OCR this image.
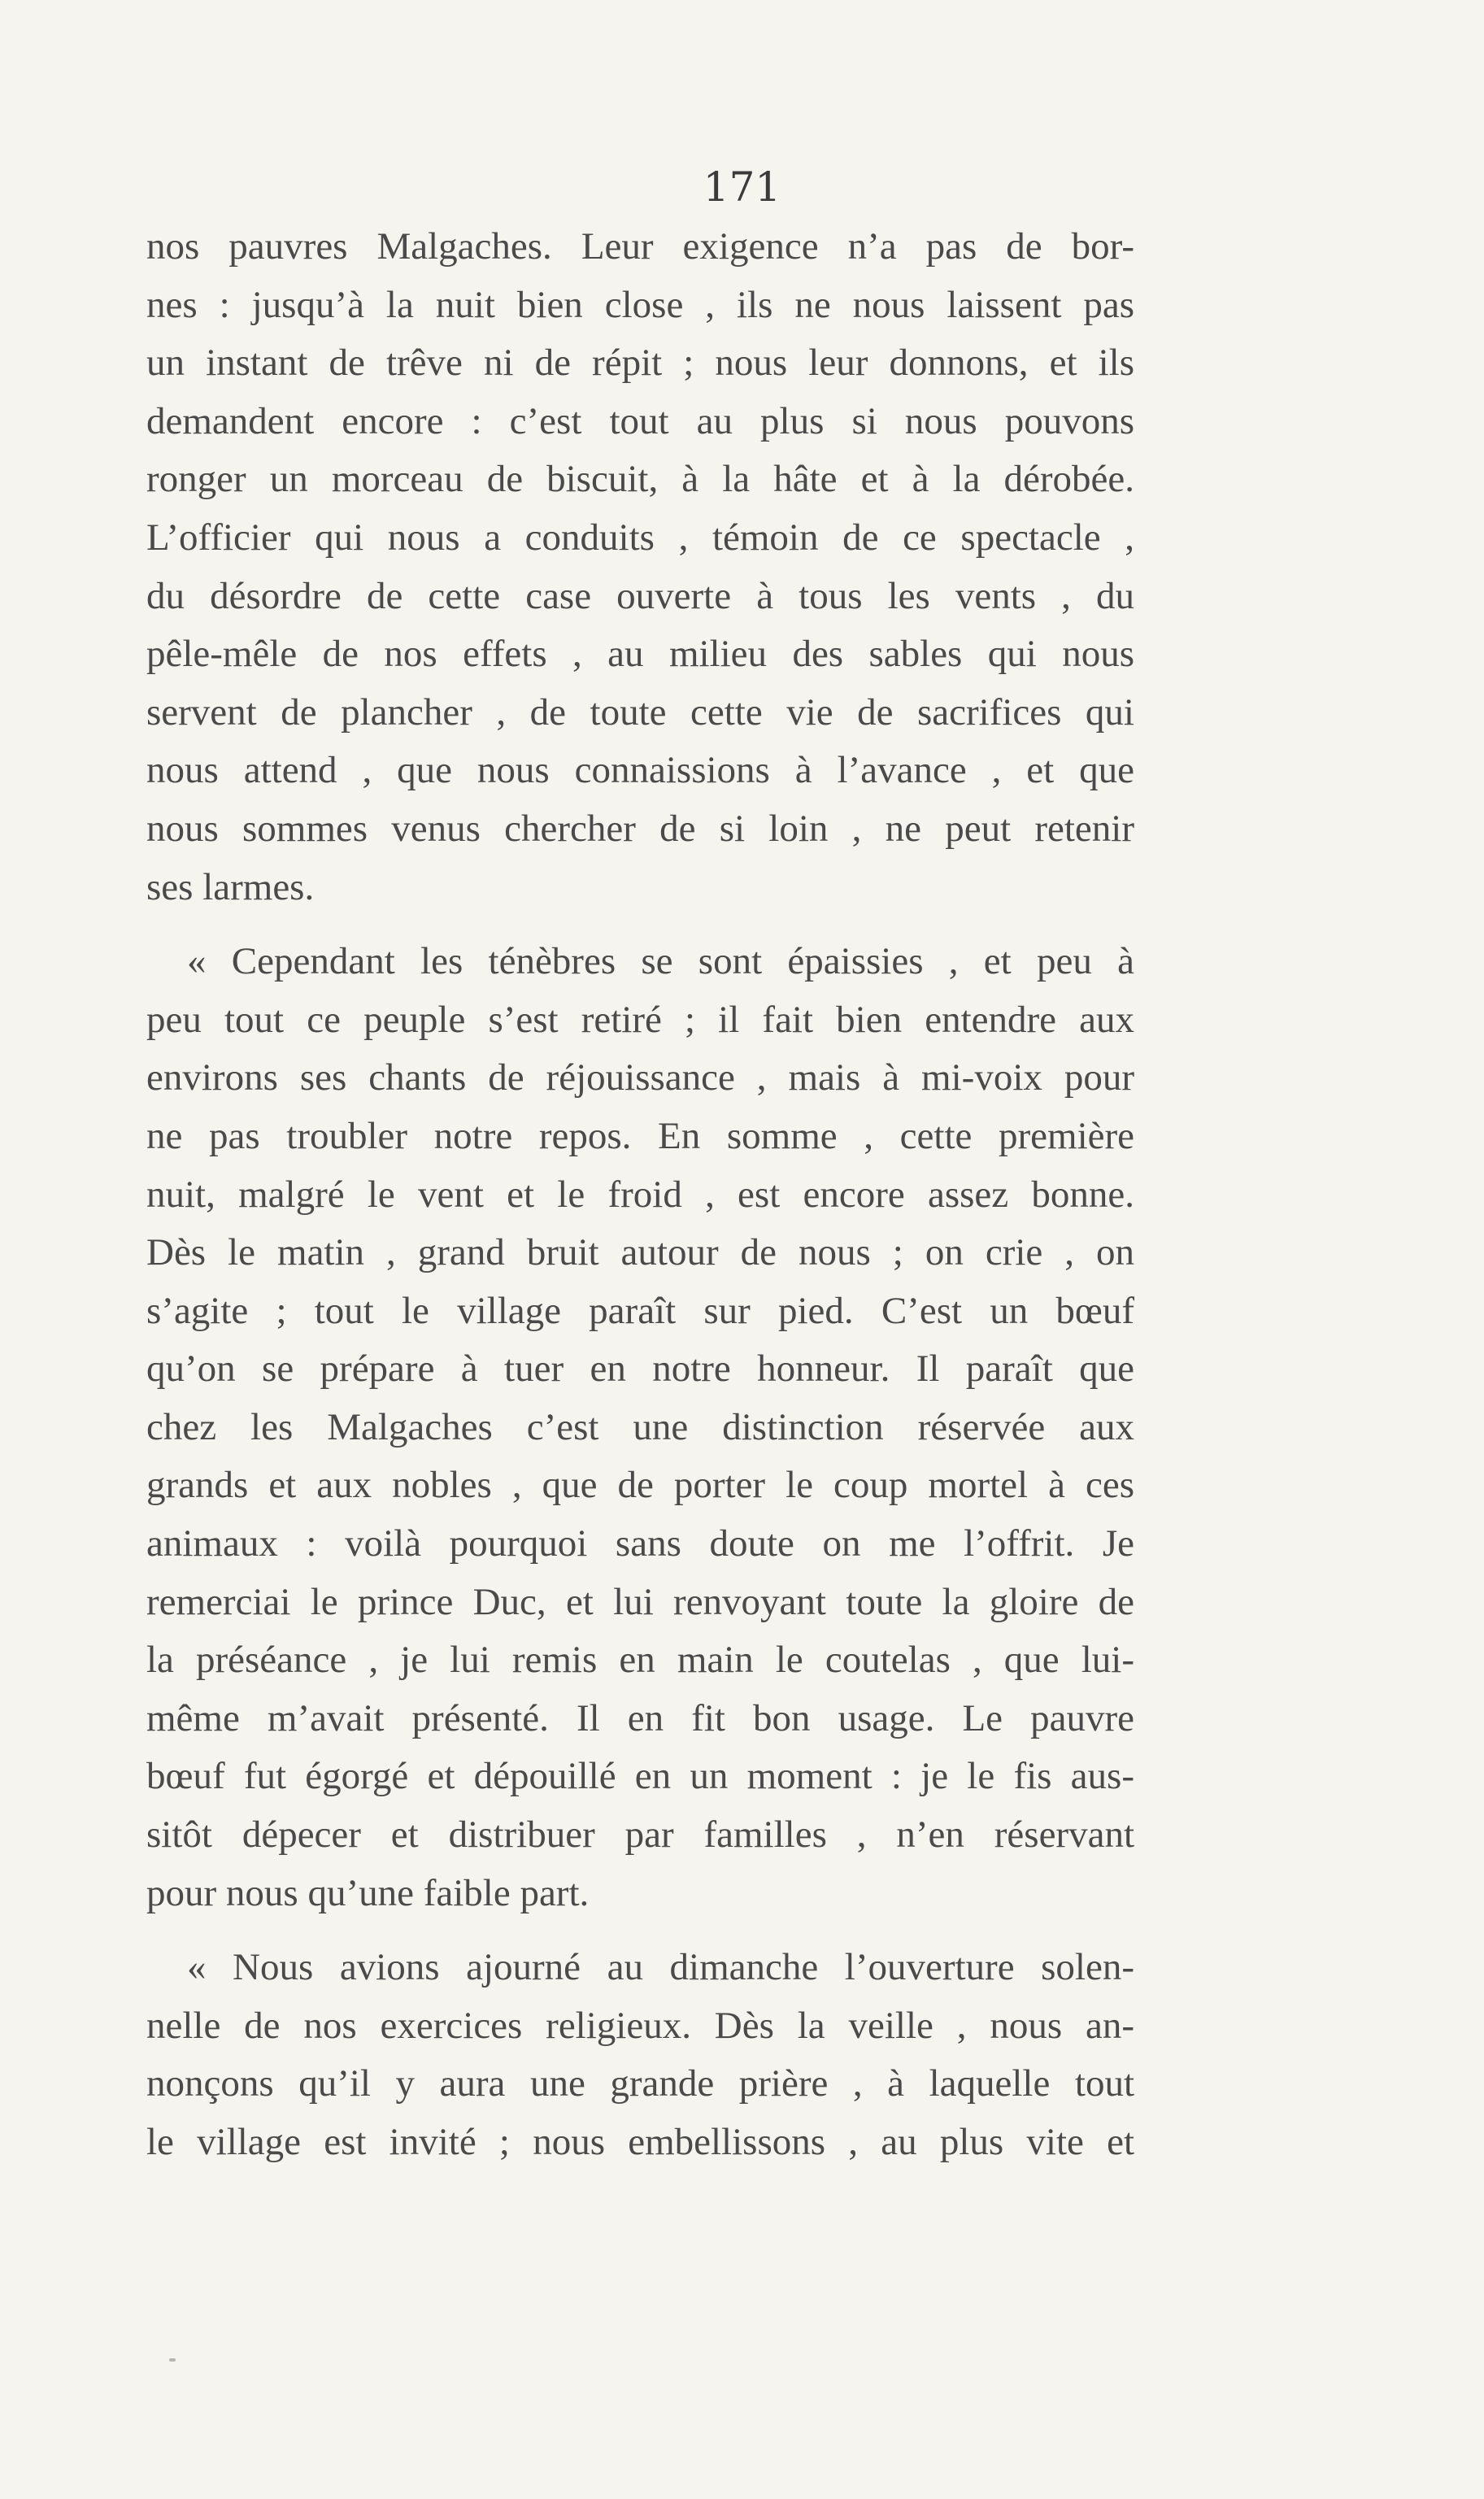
171
nos pauvres Malgaches. Leur exigence n’a pas de bor-
nes : jusqu’à la nuit bien close , ils ne nous laissent pas
un instant de trêve ni de répit ; nous leur donnons, et ils
demandent encore : c’est tout au plus si nous pouvons
ronger un morceau de biscuit, à la hâte et à la dérobée.
L’officier qui nous a conduits , témoin de ce spectacle ,
du désordre de cette case ouverte à tous les vents , du
pêle-mêle de nos effets , au milieu des sables qui nous
servent de plancher , de toute cette vie de sacrifices qui
nous attend , que nous connaissions à l’avance , et que
nous sommes venus chercher de si loin , ne peut retenir
ses larmes.
« Cependant les ténèbres se sont épaissies , et peu à
peu tout ce peuple s’est retiré ; il fait bien entendre aux
environs ses chants de réjouissance , mais à mi-voix pour
ne pas troubler notre repos. En somme , cette première
nuit, malgré le vent et le froid , est encore assez bonne.
Dès le matin , grand bruit autour de nous ; on crie , on
s’agite ; tout le village paraît sur pied. C’est un bœuf
qu’on se prépare à tuer en notre honneur. Il paraît que
chez les Malgaches c’est une distinction réservée aux
grands et aux nobles , que de porter le coup mortel à ces
animaux : voilà pourquoi sans doute on me l’offrit. Je
remerciai le prince Duc, et lui renvoyant toute la gloire de
la préséance , je lui remis en main le coutelas , que lui-
même m’avait présenté. Il en fit bon usage. Le pauvre
bœuf fut égorgé et dépouillé en un moment : je le fis aus-
sitôt dépecer et distribuer par familles , n’en réservant
pour nous qu’une faible part.
« Nous avions ajourné au dimanche l’ouverture solen-
nelle de nos exercices religieux. Dès la veille , nous an-
nonçons qu’il y aura une grande prière , à laquelle tout
le village est invité ; nous embellissons , au plus vite et
